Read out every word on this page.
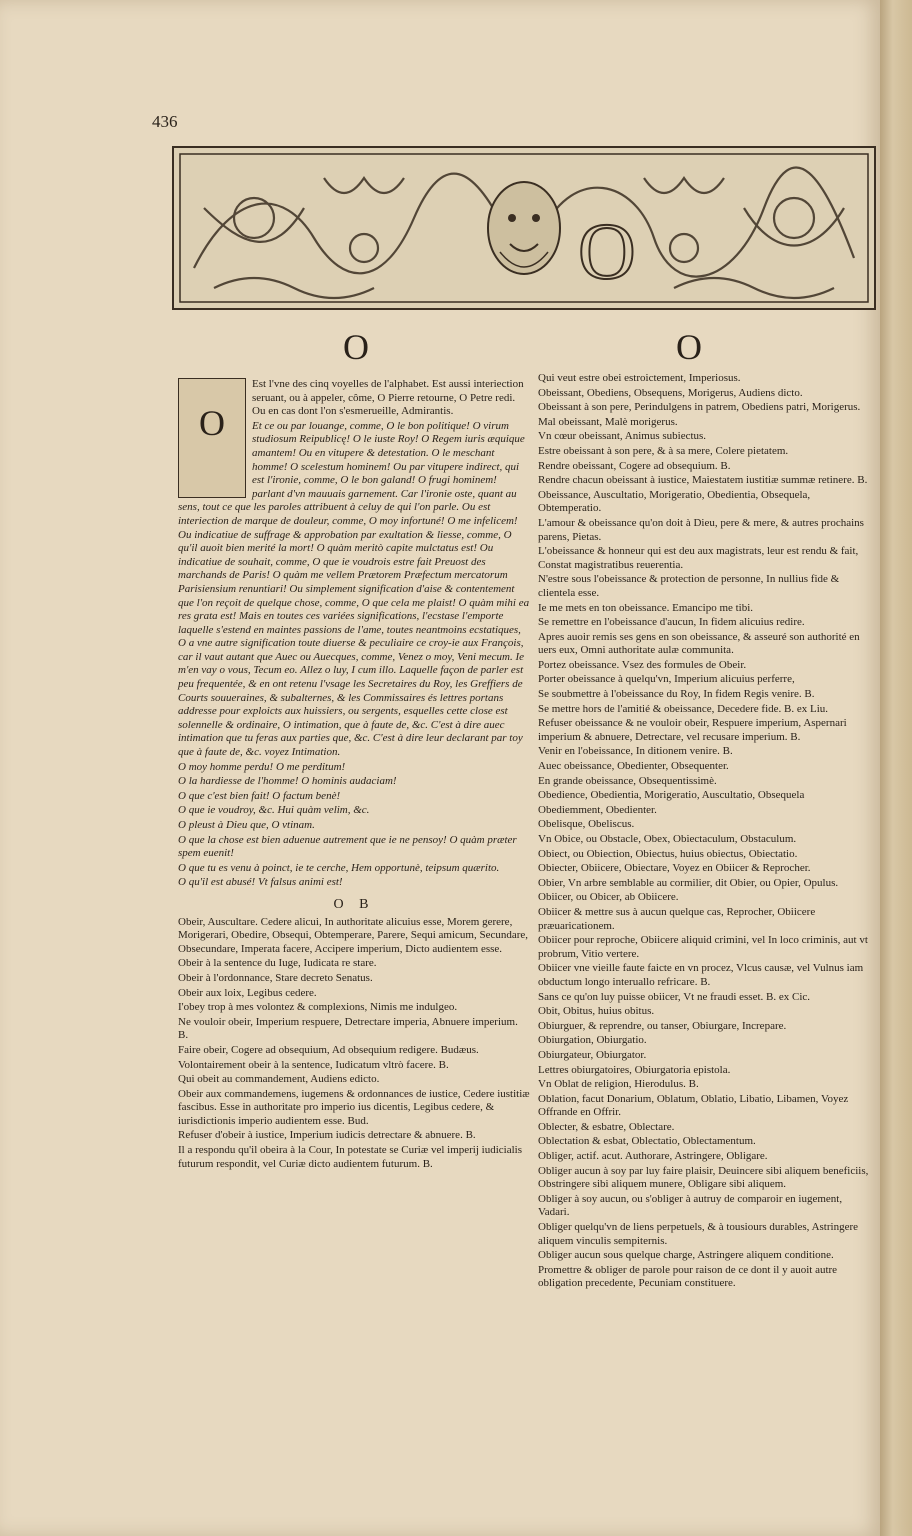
436
O
O	O
O

Est l'vne des cinq voyelles de l'alphabet. Est aussi interiection seruant, ou à appeler, côme, O Pierre retourne, O Petre redi. Ou en cas dont l'on s'esmerueille, Admirantis.

Et ce ou par louange, comme, O le bon politique! O virum studiosum Reipublicę! O le iuste Roy! O Regem iuris æquique amantem! Ou en vitupere & detestation. O le meschant homme! O scelestum hominem! Ou par vitupere indirect, qui est l'ironie, comme, O le bon galand! O frugi hominem! parlant d'vn mauuais garnement. Car l'ironie oste, quant au sens, tout ce que les paroles attribuent à celuy de qui l'on parle. Ou est interiection de marque de douleur, comme, O moy infortuné! O me infelicem! Ou indicatiue de suffrage & approbation par exultation & liesse, comme, O qu'il auoit bien merité la mort! O quàm meritò capite mulctatus est! Ou indicatiue de souhait, comme, O que ie voudrois estre fait Preuost des marchands de Paris! O quàm me vellem Prætorem Præfectum mercatorum Parisiensium renuntiari! Ou simplement signification d'aise & contentement que l'on reçoit de quelque chose, comme, O que cela me plaist! O quàm mihi ea res grata est! Mais en toutes ces variées significations, l'ecstase l'emporte laquelle s'estend en maintes passions de l'ame, toutes neantmoins ecstatiques, O a vne autre signification toute diuerse & peculiaire ce croy-ie aux François, car il vaut autant que Auec ou Auecques, comme, Venez o moy, Veni mecum. Ie m'en vay o vous, Tecum eo. Allez o luy, I cum illo. Laquelle façon de parler est peu frequentée, & en ont retenu l'vsage les Secretaires du Roy, les Greffiers de Courts souueraines, & subalternes, & les Commissaires és lettres portans addresse pour exploicts aux huissiers, ou sergents, esquelles cette close est solennelle & ordinaire, O intimation, que à faute de, &c. C'est à dire auec intimation que tu feras aux parties que, &c. C'est à dire leur declarant par toy que à faute de, &c. voyez Intimation.

O moy homme perdu! O me perditum!

O la hardiesse de l'homme! O hominis audaciam!

O que c'est bien fait! O factum benè!

O que ie voudroy, &c. Hui quàm velim, &c.

O pleust à Dieu que, O vtinam.

O que la chose est bien aduenue autrement que ie ne pensoy! O quàm præter spem euenit!

O que tu es venu à poinct, ie te cerche, Hem opportunè, teipsum quærito.

O qu'il est abusé! Vt falsus animi est!

O B

Obeir, Auscultare. Cedere alicui, In authoritate alicuius esse, Morem gerere, Morigerari, Obedire, Obsequi, Obtemperare, Parere, Sequi amicum, Secundare, Obsecundare, Imperata facere, Accipere imperium, Dicto audientem esse.

Obeir à la sentence du Iuge, Iudicata re stare.

Obeir à l'ordonnance, Stare decreto Senatus.

Obeir aux loix, Legibus cedere.

I'obey trop à mes volontez & complexions, Nimis me indulgeo.

Ne vouloir obeir, Imperium respuere, Detrectare imperia, Abnuere imperium. B.

Faire obeir, Cogere ad obsequium, Ad obsequium redigere. Budæus.

Volontairement obeir à la sentence, Iudicatum vltrò facere. B.

Qui obeit au commandement, Audiens edicto.

Obeir aux commandemens, iugemens & ordonnances de iustice, Cedere iustitiæ fascibus. Esse in authoritate pro imperio ius dicentis, Legibus cedere, & iurisdictionis imperio audientem esse. Bud.

Refuser d'obeir à iustice, Imperium iudicis detrectare & abnuere. B.

Il a respondu qu'il obeira à la Cour, In potestate se Curiæ vel imperij iudicialis futurum respondit, vel Curiæ dicto audientem futurum. B.

Qui veut estre obei estroictement, Imperiosus.

Obeissant, Obediens, Obsequens, Morigerus, Audiens dicto.

Obeissant à son pere, Perindulgens in patrem, Obediens patri, Morigerus.

Mal obeissant, Malè morigerus.

Vn cœur obeissant, Animus subiectus.

Estre obeissant à son pere, & à sa mere, Colere pietatem.

Rendre obeissant, Cogere ad obsequium. B.

Rendre chacun obeissant à iustice, Maiestatem iustitiæ summæ retinere. B.

Obeissance, Auscultatio, Morigeratio, Obedientia, Obsequela, Obtemperatio.

L'amour & obeissance qu'on doit à Dieu, pere & mere, & autres prochains parens, Pietas.

L'obeissance & honneur qui est deu aux magistrats, leur est rendu & fait, Constat magistratibus reuerentia.

N'estre sous l'obeissance & protection de personne, In nullius fide & clientela esse.

Ie me mets en ton obeissance. Emancipo me tibi.

Se remettre en l'obeissance d'aucun, In fidem alicuius redire.

Apres auoir remis ses gens en son obeissance, & asseuré son authorité en uers eux, Omni authoritate aulæ communita.

Portez obeissance. Vsez des formules de Obeir.

Porter obeissance à quelqu'vn, Imperium alicuius perferre,

Se soubmettre à l'obeissance du Roy, In fidem Regis venire. B.

Se mettre hors de l'amitié & obeissance, Decedere fide. B. ex Liu.

Refuser obeissance & ne vouloir obeir, Respuere imperium, Aspernari imperium & abnuere, Detrectare, vel recusare imperium. B.

Venir en l'obeissance, In ditionem venire. B.

Auec obeissance, Obedienter, Obsequenter.

En grande obeissance, Obsequentissimè.

Obedience, Obedientia, Morigeratio, Auscultatio, Obsequela

Obediemment, Obedienter.

Obelisque, Obeliscus.

Vn Obice, ou Obstacle, Obex, Obiectaculum, Obstaculum.

Obiect, ou Obiection, Obiectus, huius obiectus, Obiectatio.

Obiecter, Obiicere, Obiectare, Voyez en Obiicer & Reprocher.

Obier, Vn arbre semblable au cormilier, dit Obier, ou Opier, Opulus.

Obiicer, ou Obicer, ab Obiicere.

Obiicer & mettre sus à aucun quelque cas, Reprocher, Obiicere præuaricationem.

Obiicer pour reproche, Obiicere aliquid crimini, vel In loco criminis, aut vt probrum, Vitio vertere.

Obiicer vne vieille faute faicte en vn procez, Vlcus causæ, vel Vulnus iam obductum longo interuallo refricare. B.

Sans ce qu'on luy puisse obiicer, Vt ne fraudi esset. B. ex Cic.

Obit, Obitus, huius obitus.

Obiurguer, & reprendre, ou tanser, Obiurgare, Increpare.

Obiurgation, Obiurgatio.

Obiurgateur, Obiurgator.

Lettres obiurgatoires, Obiurgatoria epistola.

Vn Oblat de religion, Hierodulus. B.

Oblation, facut Donarium, Oblatum, Oblatio, Libatio, Libamen, Voyez Offrande en Offrir.

Oblecter, & esbatre, Oblectare.

Oblectation & esbat, Oblectatio, Oblectamentum.

Obliger, actif. acut. Authorare, Astringere, Obligare.

Obliger aucun à soy par luy faire plaisir, Deuincere sibi aliquem beneficiis, Obstringere sibi aliquem munere, Obligare sibi aliquem.

Obliger à soy aucun, ou s'obliger à autruy de comparoir en iugement, Vadari.

Obliger quelqu'vn de liens perpetuels, & à tousiours durables, Astringere aliquem vinculis sempiternis.

Obliger aucun sous quelque charge, Astringere aliquem conditione.

Promettre & obliger de parole pour raison de ce dont il y auoit autre obligation precedente, Pecuniam constituere.
